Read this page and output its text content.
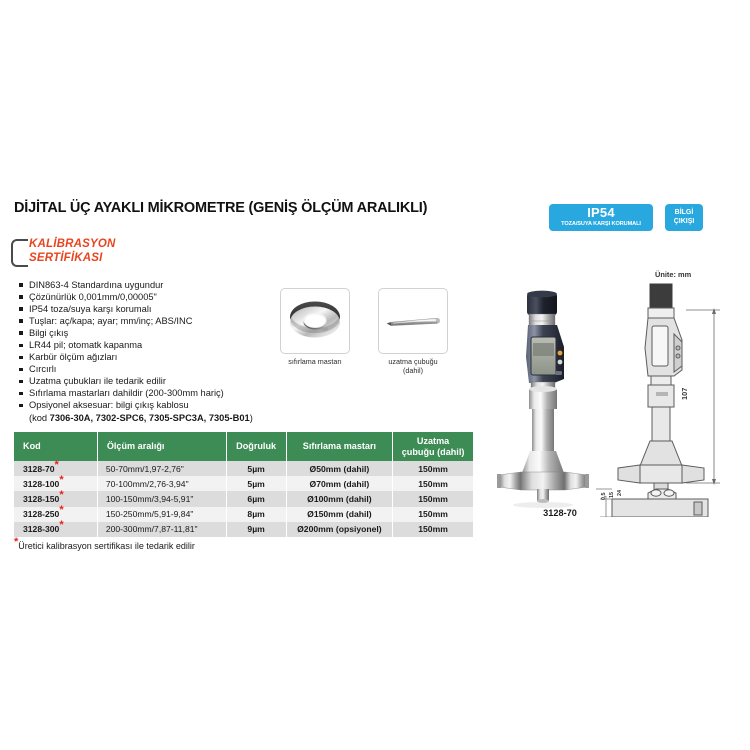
DİJİTAL ÜÇ AYAKLI MİKROMETRE (GENİŞ ÖLÇÜM ARALIKLI)
KALİBRASYON
SERTİFİKASI
IP54
TOZA/SUYA KARŞI KORUMALI
BİLGİ
ÇIKIŞI
DIN863-4 Standardına uygundur
Çözünürlük 0,001mm/0,00005"
IP54 toza/suya karşı korumalı
Tuşlar: aç/kapa; ayar; mm/inç; ABS/INC
Bilgi çıkış
LR44 pil; otomatk kapanma
Karbür ölçüm ağızları
Cırcırlı
Uzatma çubukları ile tedarik edilir
Sıfırlama mastarları dahildir (200-300mm hariç)
Opsiyonel aksesuar: bilgi çıkış kablosu
(kod 7306-30A, 7302-SPC6, 7305-SPC3A, 7305-B01)
sıfırlama mastarı	uzatma çubuğu
(dahil)
3128-70
Ünite: mm
107
0,5 15 24
Kod	Ölçüm aralığı	Doğruluk	Sıfırlama mastarı	Uzatma
çubuğu (dahil)

3128-70*	50-70mm/1,97-2,76"	5µm	Ø50mm (dahil)	150mm
3128-100*	70-100mm/2,76-3,94"	5µm	Ø70mm (dahil)	150mm
3128-150*	100-150mm/3,94-5,91"	6µm	Ø100mm (dahil)	150mm
3128-250*	150-250mm/5,91-9,84"	8µm	Ø150mm (dahil)	150mm
3128-300*	200-300mm/7,87-11,81"	9µm	Ø200mm (opsiyonel)	150mm
*Üretici kalibrasyon sertifikası ile tedarik edilir
